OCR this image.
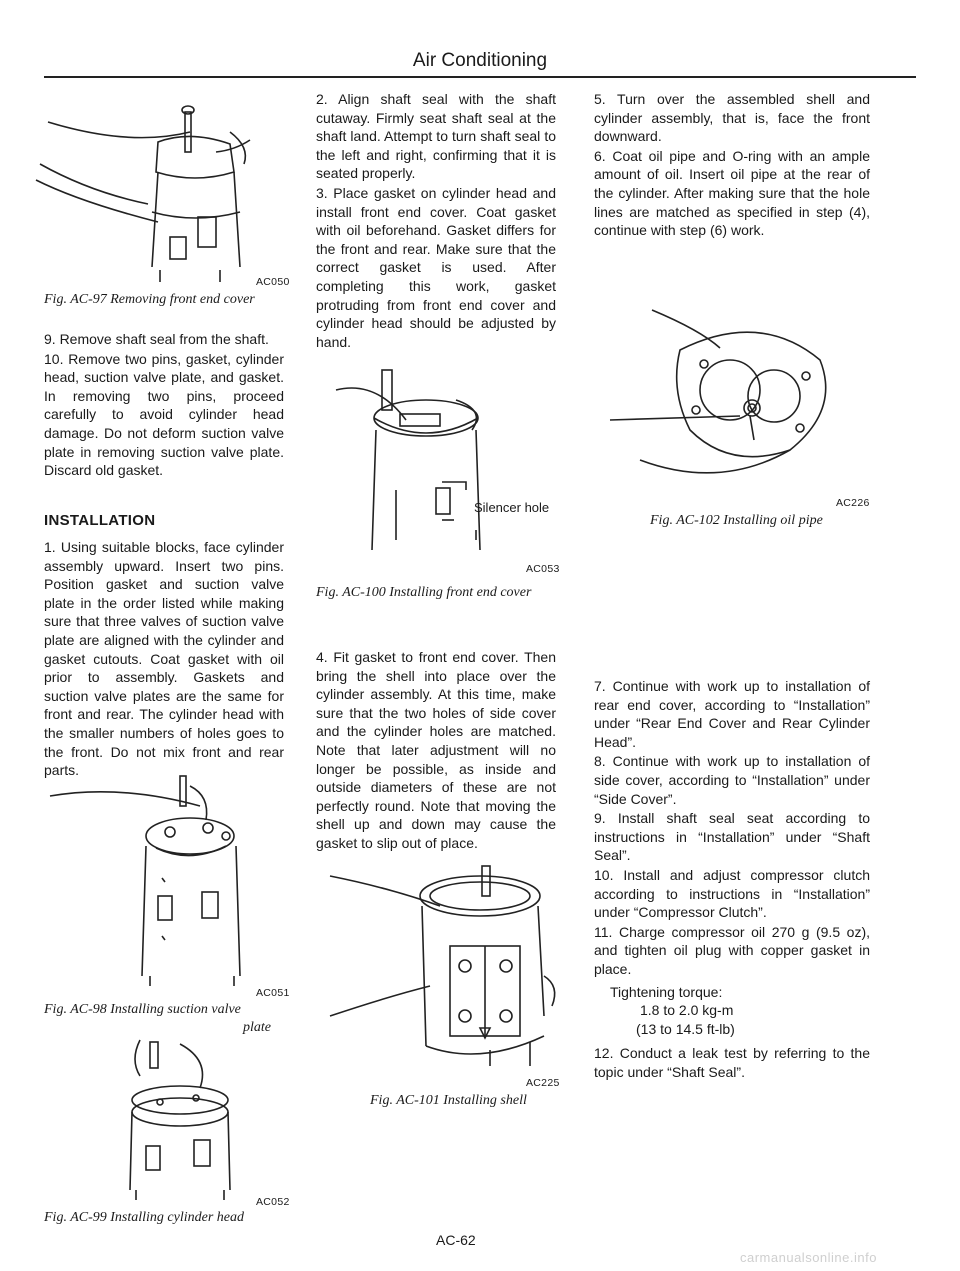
Air Conditioning
AC050
Fig. AC-97 Removing front end cover

9. Remove shaft seal from the shaft.

10. Remove two pins, gasket, cylinder head, suction valve plate, and gasket. In removing two pins, proceed carefully to avoid cylinder head damage. Do not deform suction valve plate in removing suction valve plate. Discard old gasket.

INSTALLATION

1. Using suitable blocks, face cylinder assembly upward. Insert two pins. Position gasket and suction valve plate in the order listed while making sure that three valves of suction valve plate are aligned with the cylinder and gasket cutouts. Coat gasket with oil prior to assembly. Gaskets and suction valve plates are the same for front and rear. The cylinder head with the smaller numbers of holes goes to the front. Do not mix front and rear parts.

AC051
Fig. AC-98 Installing suction valve
plate
AC052
Fig. AC-99 Installing cylinder head

2. Align shaft seal with the shaft cutaway. Firmly seat shaft seal at the shaft land. Attempt to turn shaft seal to the left and right, confirming that it is seated properly.

3. Place gasket on cylinder head and install front end cover. Coat gasket with oil beforehand. Gasket differs for the front and rear. Make sure that the correct gasket is used. After completing this work, gasket protruding from front end cover and cylinder head should be adjusted by hand.

Silencer hole
AC053
Fig. AC-100 Installing front end cover

4. Fit gasket to front end cover. Then bring the shell into place over the cylinder assembly. At this time, make sure that the two holes of side cover and the cylinder holes are matched. Note that later adjustment will no longer be possible, as inside and outside diameters of these are not perfectly round. Note that moving the shell up and down may cause the gasket to slip out of place.

AC225
Fig. AC-101 Installing shell
AC-62

5. Turn over the assembled shell and cylinder assembly, that is, face the front downward.

6. Coat oil pipe and O-ring with an ample amount of oil. Insert oil pipe at the rear of the cylinder. After making sure that the hole lines are matched as specified in step (4), continue with step (6) work.

AC226
Fig. AC-102 Installing oil pipe

7. Continue with work up to installation of rear end cover, according to “Installation” under “Rear End Cover and Rear Cylinder Head”.

8. Continue with work up to installation of side cover, according to “Installation” under “Side Cover”.

9. Install shaft seal seat according to instructions in “Installation” under “Shaft Seal”.

10. Install and adjust compressor clutch according to instructions in “Installation” under “Compressor Clutch”.

11. Charge compressor oil 270 g (9.5 oz), and tighten oil plug with copper gasket in place.

Tightening torque:
1.8 to 2.0 kg-m
(13 to 14.5 ft-lb)

12. Conduct a leak test by referring to the topic under “Shaft Seal”.

carmanualsonline.info
